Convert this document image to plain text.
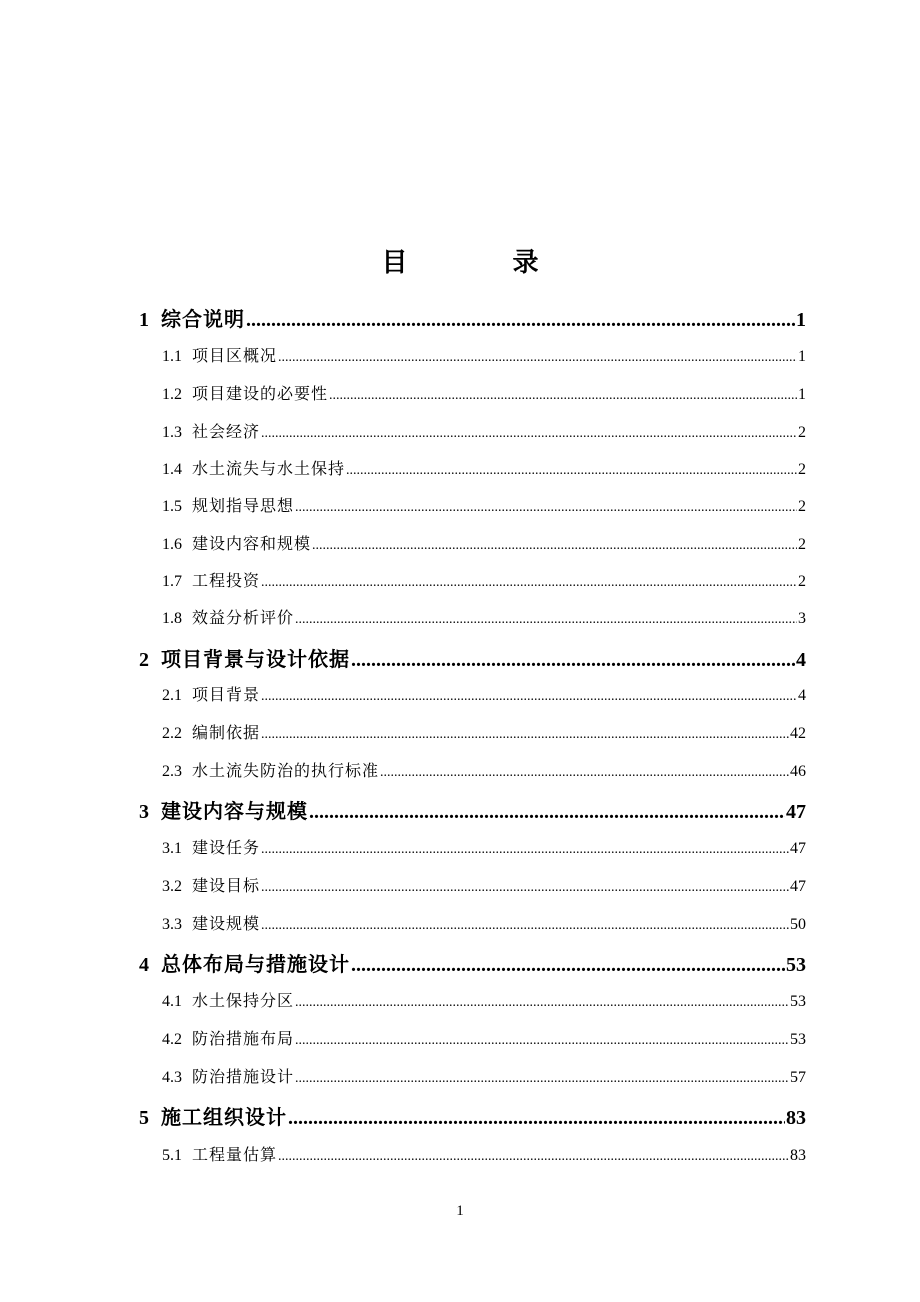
目 录
1 综合说明 .....	1
1.1 项目区概况 .....	1
1.2 项目建设的必要性 .....	1
1.3 社会经济 .....	2
1.4 水土流失与水土保持 .....	2
1.5 规划指导思想 .....	2
1.6 建设内容和规模 .....	2
1.7 工程投资 .....	2
1.8 效益分析评价 .....	3
2 项目背景与设计依据 .....	4
2.1 项目背景 .....	4
2.2 编制依据 .....	42
2.3 水土流失防治的执行标准 .....	46
3 建设内容与规模 .....	47
3.1 建设任务 .....	47
3.2 建设目标 .....	47
3.3 建设规模 .....	50
4 总体布局与措施设计 .....	53
4.1 水土保持分区 .....	53
4.2 防治措施布局 .....	53
4.3 防治措施设计 .....	57
5 施工组织设计 .....	83
5.1 工程量估算 .....	83
1
